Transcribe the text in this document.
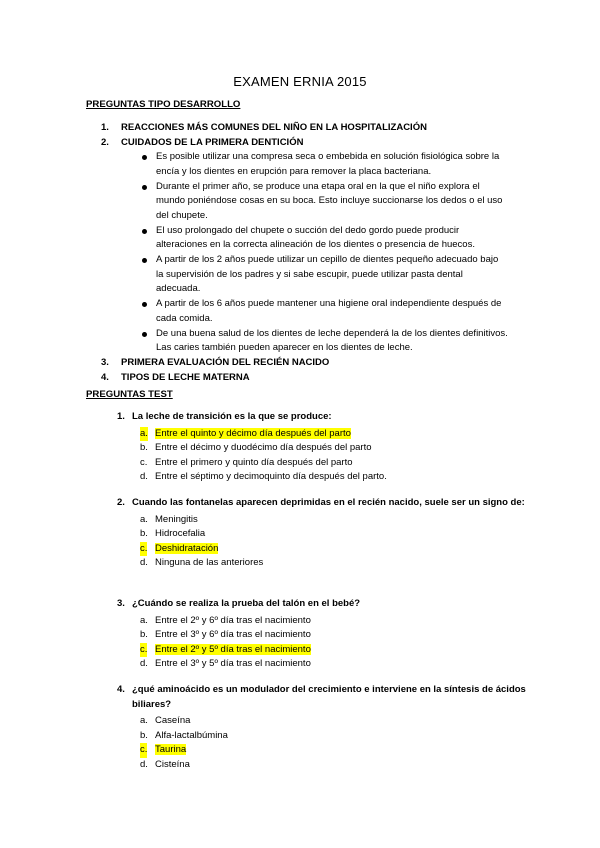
EXAMEN ERNIA 2015
PREGUNTAS TIPO DESARROLLO
1. REACCIONES MÁS COMUNES DEL NIÑO EN LA HOSPITALIZACIÓN
2. CUIDADOS DE LA PRIMERA DENTICIÓN
Es posible utilizar una compresa seca o embebida en solución fisiológica sobre la encía y los dientes en erupción para remover la placa bacteriana.
Durante el primer año, se produce una etapa oral en la que el niño explora el mundo poniéndose cosas en su boca. Esto incluye succionarse los dedos o el uso del chupete.
El uso prolongado del chupete o succión del dedo gordo puede producir alteraciones en la correcta alineación de los dientes o presencia de huecos.
A partir de los 2 años puede utilizar un cepillo de dientes pequeño adecuado bajo la supervisión de los padres y si sabe escupir, puede utilizar pasta dental adecuada.
A partir de los 6 años puede mantener una higiene oral independiente después de cada comida.
De una buena salud de los dientes de leche dependerá la de los dientes definitivos. Las caries también pueden aparecer en los dientes de leche.
3. PRIMERA EVALUACIÓN DEL RECIÉN NACIDO
4. TIPOS DE LECHE MATERNA
PREGUNTAS TEST
1. La leche de transición es la que se produce:
a. Entre el quinto y décimo día después del parto
b. Entre el décimo y duodécimo día después del parto
c. Entre el primero y quinto día después del parto
d. Entre el séptimo y decimoquinto día después del parto.
2. Cuando las fontanelas aparecen deprimidas en el recién nacido, suele ser un signo de:
a. Meningitis
b. Hidrocefalia
c. Deshidratación
d. Ninguna de las anteriores
3. ¿Cuándo se realiza la prueba del talón en el bebé?
a. Entre el 2º y 6º día tras el nacimiento
b. Entre el 3º y 6º día tras el nacimiento
c. Entre el 2º y 5º día tras el nacimiento
d. Entre el 3º y 5º día tras el nacimiento
4. ¿qué aminoácido es un modulador del crecimiento e interviene en la síntesis de ácidos biliares?
a. Caseína
b. Alfa-lactalbúmina
c. Taurina
d. Cisteína
